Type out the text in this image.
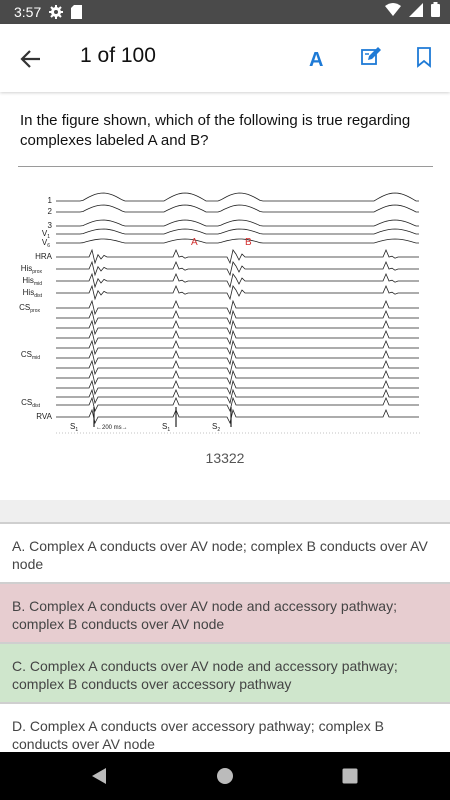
3:57
1 of 100	A
In the figure shown, which of the following is true regarding complexes labeled A and B?
1
2
3
$V_1$
$V_6$
HRA
His$_{prox}$
His$_{mid}$
His$_{dist}$
$CS_{prox}$
$CS_{mid}$
$CS_{dist}$
RVA
A	B
$S_1$	$S_1$	$S_2$
←200 ms→
13322
A. Complex A conducts over AV node; complex B conducts over AV node
B. Complex A conducts over AV node and accessory pathway; complex B conducts over AV node
C. Complex A conducts over AV node and accessory pathway; complex B conducts over accessory pathway
D. Complex A conducts over accessory pathway; complex B conducts over AV node
